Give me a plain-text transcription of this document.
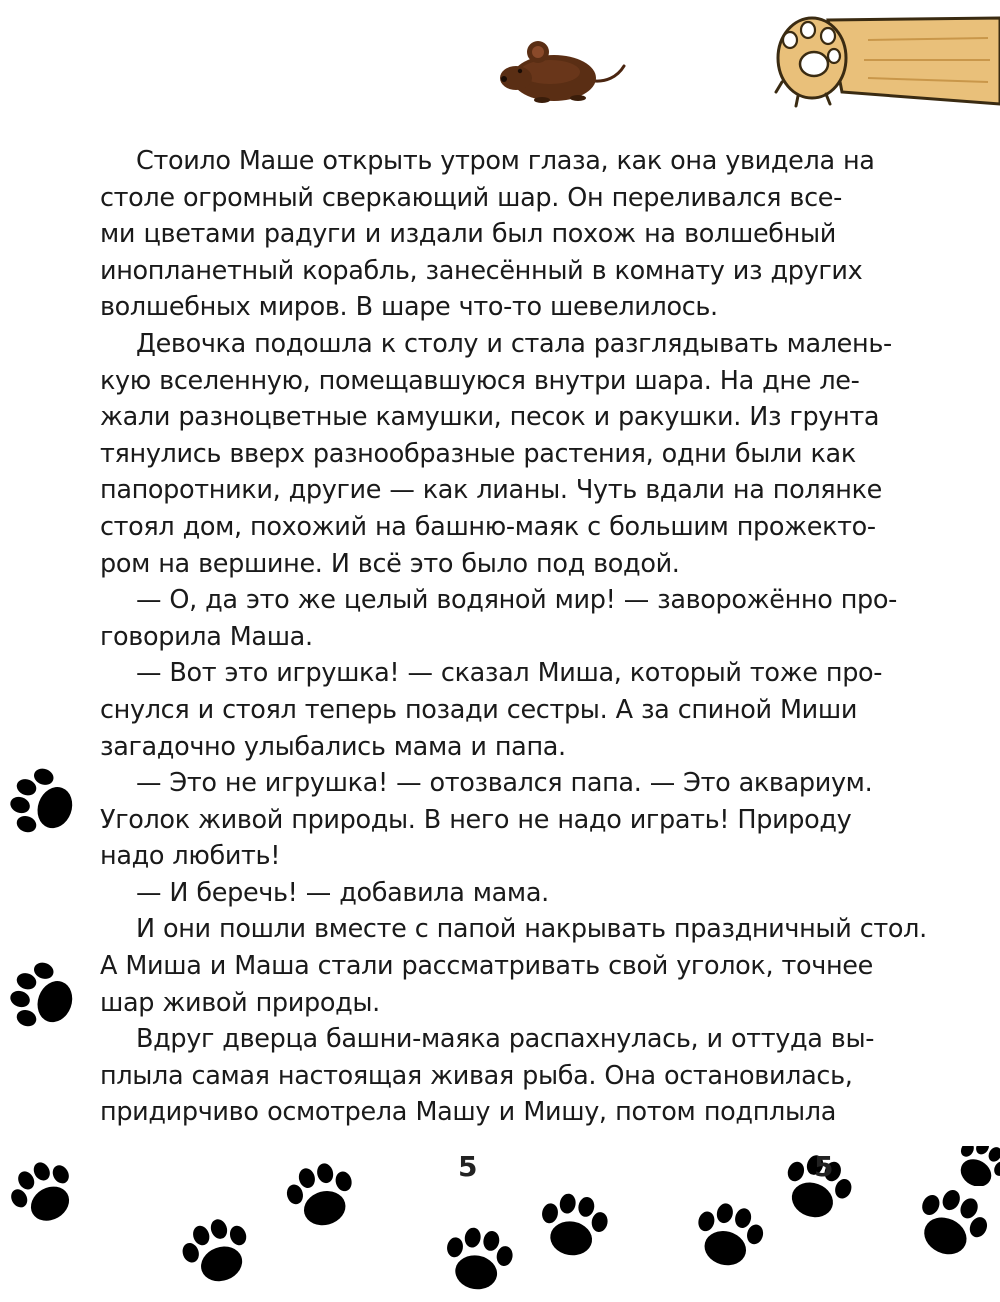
Стоило Маше открыть утром глаза, как она увидела на
столе огромный сверкающий шар. Он переливался все-
ми цветами радуги и издали был похож на волшебный
инопланетный корабль, занесённый в комнату из других
волшебных миров. В шаре что-то шевелилось.

Девочка подошла к столу и стала разглядывать малень-
кую вселенную, помещавшуюся внутри шара. На дне ле-
жали разноцветные камушки, песок и ракушки. Из грунта
тянулись вверх разнообразные растения, одни были как
папоротники, другие — как лианы. Чуть вдали на полянке
стоял дом, похожий на башню-маяк с большим прожекто-
ром на вершине. И всё это было под водой.

— О, да это же целый водяной мир! — заворожённо про-
говорила Маша.

— Вот это игрушка! — сказал Миша, который тоже про-
снулся и стоял теперь позади сестры. А за спиной Миши
загадочно улыбались мама и папа.

— Это не игрушка! — отозвался папа. — Это аквариум.
Уголок живой природы. В него не надо играть! Природу
надо любить!

— И беречь! — добавила мама.

И они пошли вместе с папой накрывать праздничный стол.
А Миша и Маша стали рассматривать свой уголок, точнее
шар живой природы.

Вдруг дверца башни-маяка распахнулась, и оттуда вы-
плыла самая настоящая живая рыба. Она остановилась,
придирчиво осмотрела Машу и Мишу, потом подплыла

5	5
